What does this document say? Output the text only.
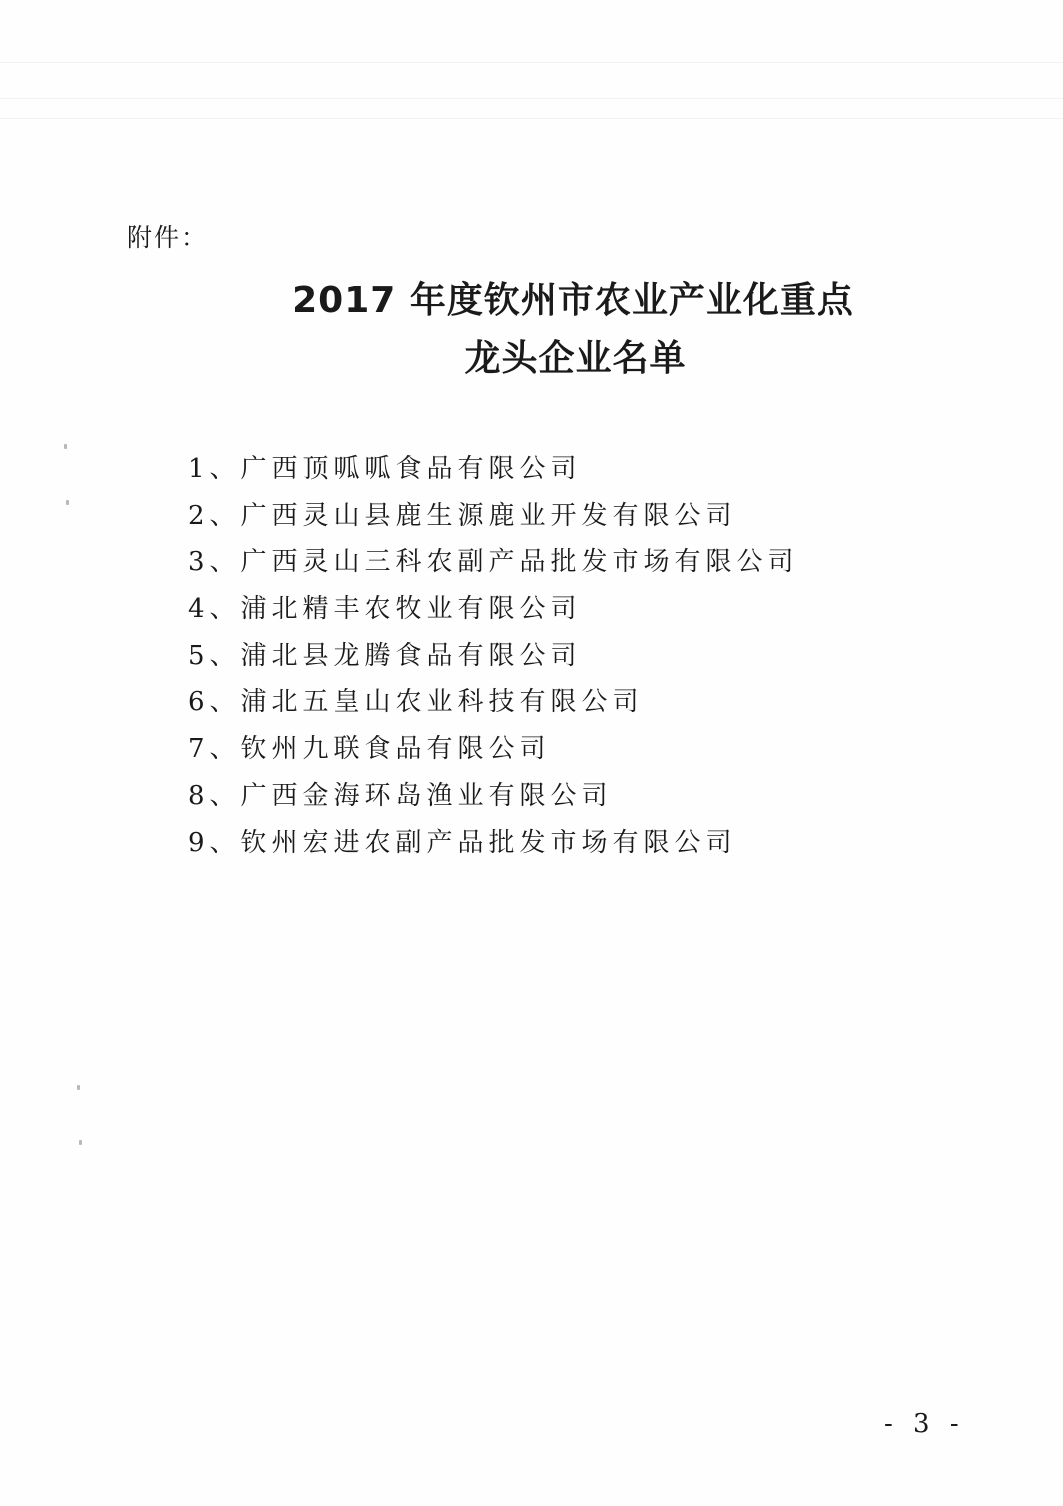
附件：
2017 年度钦州市农业产业化重点
龙头企业名单
1、广西顶呱呱食品有限公司
2、广西灵山县鹿生源鹿业开发有限公司
3、广西灵山三科农副产品批发市场有限公司
4、浦北精丰农牧业有限公司
5、浦北县龙腾食品有限公司
6、浦北五皇山农业科技有限公司
7、钦州九联食品有限公司
8、广西金海环岛渔业有限公司
9、钦州宏进农副产品批发市场有限公司
- 3 -
